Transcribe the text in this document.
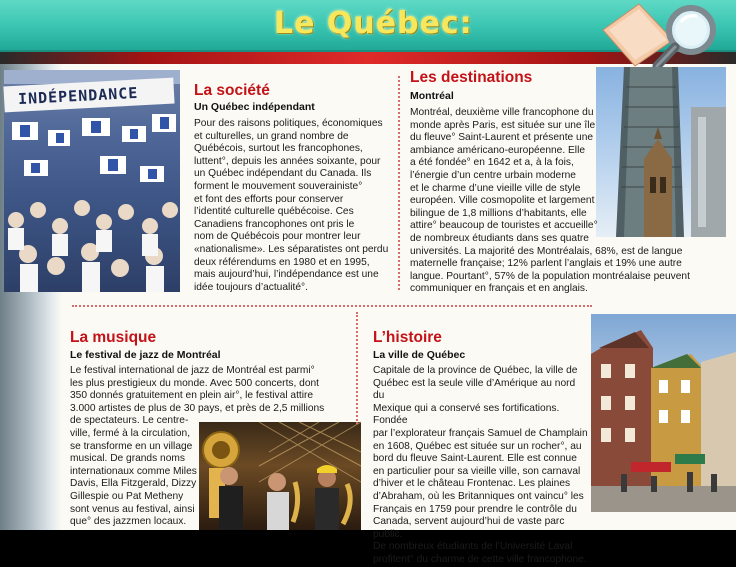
Le Québec:
INDÉPENDANCE	La société
Un Québec indépendant
Pour des raisons politiques, économiques
et culturelles, un grand nombre de
Québécois, surtout les francophones,
luttent°, depuis les années soixante, pour
un Québec indépendant du Canada. Ils
forment le mouvement souverainiste°
et font des efforts pour conserver
l’identité culturelle québécoise. Ces
Canadiens francophones ont pris le
nom de Québécois pour montrer leur
«nationalisme». Les séparatistes ont perdu
deux référendums en 1980 et en 1995,
mais aujourd’hui, l’indépendance est une
idée toujours d’actualité°.
Les destinations
Montréal
Montréal, deuxième ville francophone du
monde après Paris, est située sur une île
du fleuve° Saint-Laurent et présente une
ambiance américano-européenne. Elle
a été fondée° en 1642 et a, à la fois,
l’énergie d’un centre urbain moderne
et le charme d’une vieille ville de style
européen. Ville cosmopolite et largement
bilingue de 1,8 millions d’habitants, elle
attire° beaucoup de touristes et accueille°
de nombreux étudiants dans ses quatre
universités. La majorité des Montréalais, 68%, est de langue
maternelle française; 12% parlent l’anglais et 19% une autre
langue. Pourtant°, 57% de la population montréalaise peuvent
communiquer en français et en anglais.
La musique
Le festival de jazz de Montréal
Le festival international de jazz de Montréal est parmi°
les plus prestigieux du monde. Avec 500 concerts, dont
350 donnés gratuitement en plein air°, le festival attire
3.000 artistes de plus de 30 pays, et près de 2,5 millions
de spectateurs. Le centre-
ville, fermé à la circulation,
se transforme en un village
musical. De grands noms
internationaux comme Miles
Davis, Ella Fitzgerald, Dizzy
Gillespie ou Pat Metheny
sont venus au festival, ainsi
que° des jazzmen locaux.
L’histoire
La ville de Québec
Capitale de la province de Québec, la ville de
Québec est la seule ville d’Amérique au nord du
Mexique qui a conservé ses fortifications. Fondée
par l’explorateur français Samuel de Champlain
en 1608, Québec est située sur un rocher°, au
bord du fleuve Saint-Laurent. Elle est connue
en particulier pour sa vieille ville, son carnaval
d’hiver et le château Frontenac. Les plaines
d’Abraham, où les Britanniques ont vaincu° les
Français en 1759 pour prendre le contrôle du
Canada, servent aujourd’hui de vaste parc public.
De nombreux étudiants de l’Université Laval
profitent° du charme de cette ville francophone.
